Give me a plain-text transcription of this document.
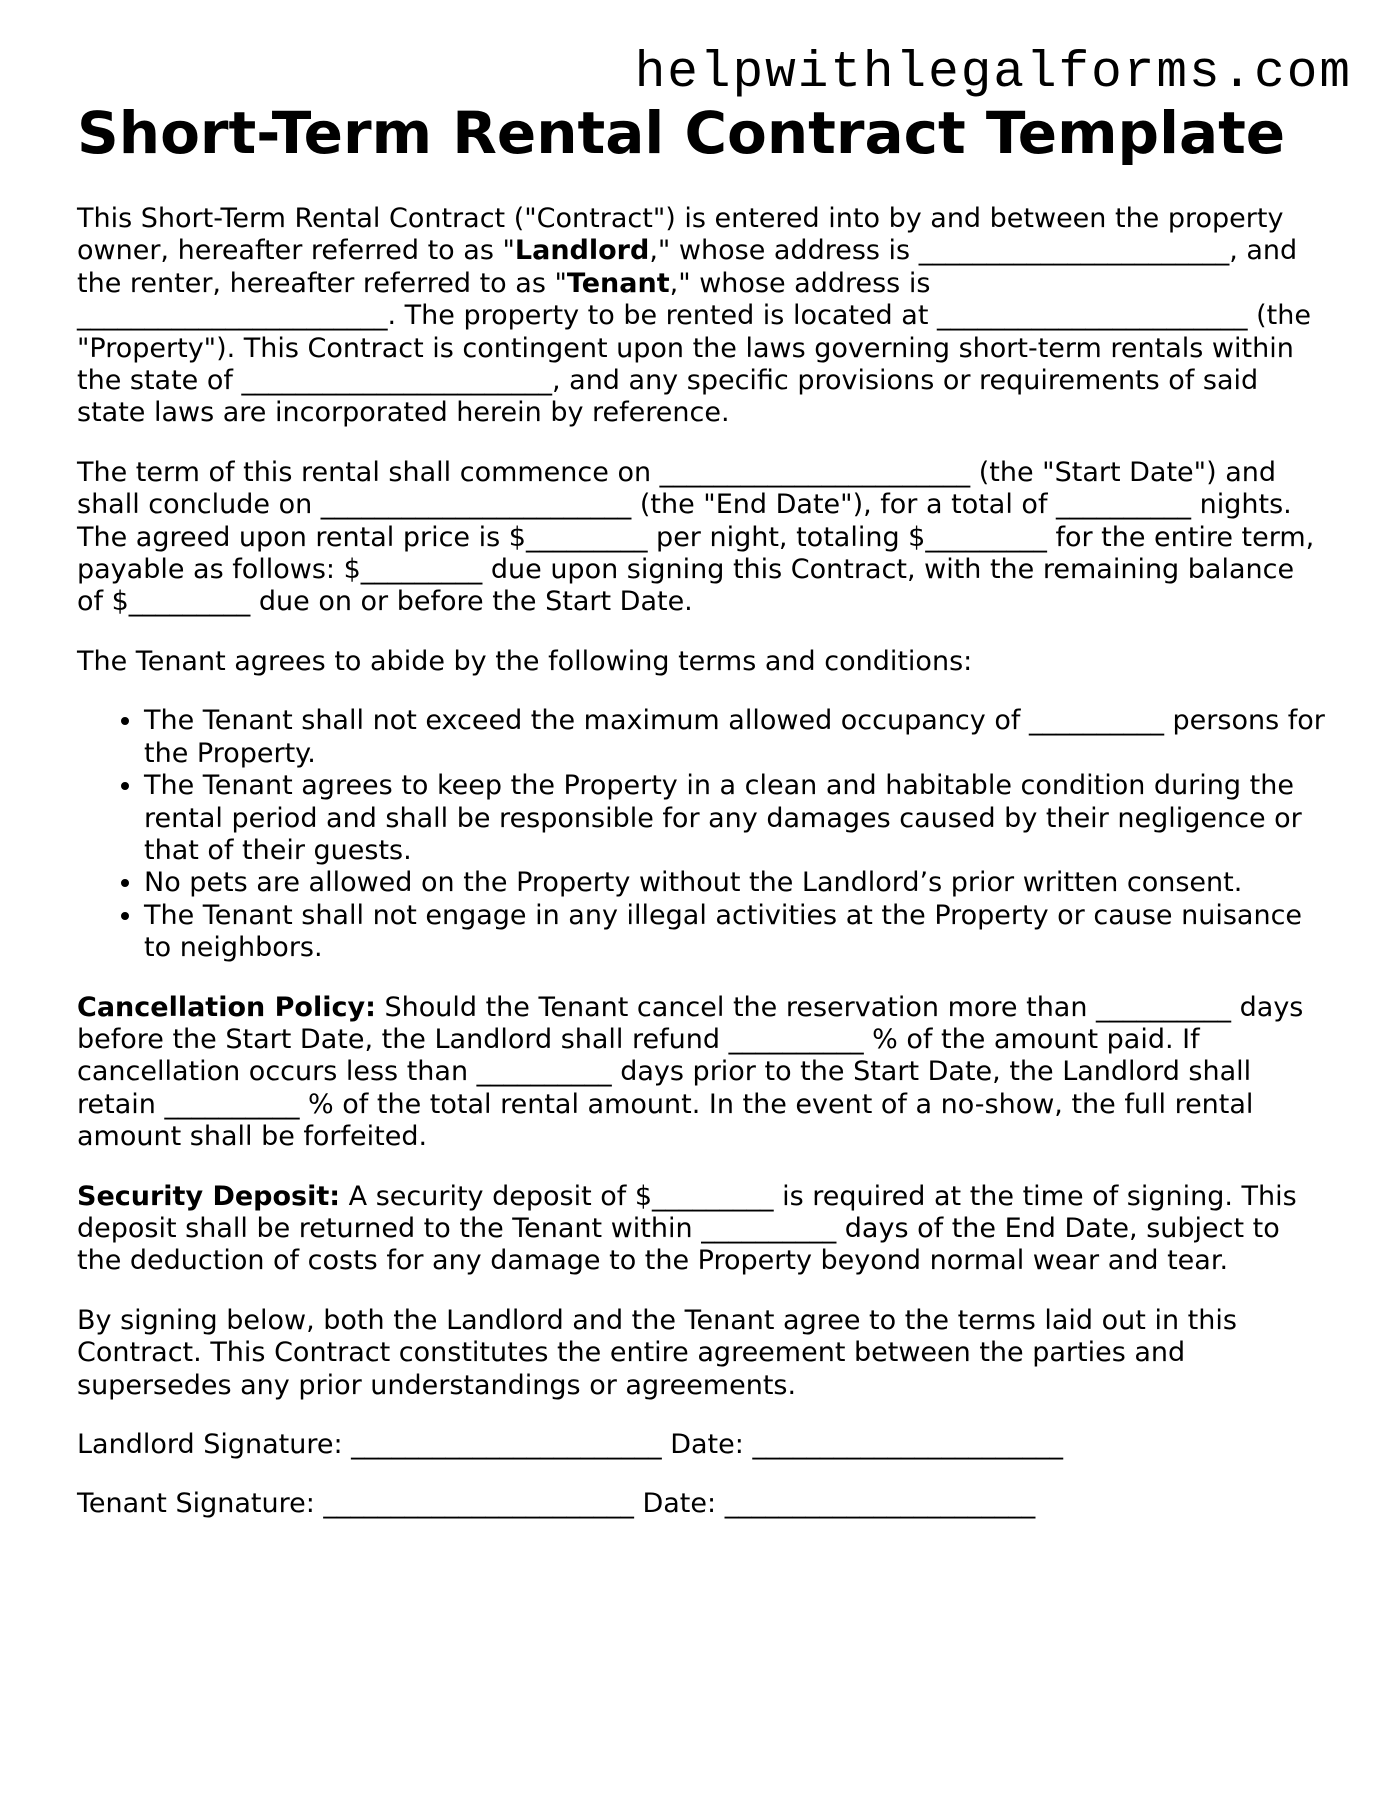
helpwithlegalforms.com
Short-Term Rental Contract Template

This Short-Term Rental Contract ("Contract") is entered into by and between the property owner, hereafter referred to as "Landlord," whose address is _______________________, and the renter, hereafter referred to as "Tenant," whose address is
_______________________. The property to be rented is located at _______________________ (the "Property"). This Contract is contingent upon the laws governing short-term rentals within the state of _______________________, and any specific provisions or requirements of said state laws are incorporated herein by reference.

The term of this rental shall commence on _______________________ (the "Start Date") and shall conclude on _______________________ (the "End Date"), for a total of __________ nights. The agreed upon rental price is $_________ per night, totaling $_________ for the entire term, payable as follows: $_________ due upon signing this Contract, with the remaining balance of $_________ due on or before the Start Date.

The Tenant agrees to abide by the following terms and conditions:

• The Tenant shall not exceed the maximum allowed occupancy of __________ persons for the Property.
• The Tenant agrees to keep the Property in a clean and habitable condition during the rental period and shall be responsible for any damages caused by their negligence or that of their guests.
• No pets are allowed on the Property without the Landlord’s prior written consent.
• The Tenant shall not engage in any illegal activities at the Property or cause nuisance to neighbors.

Cancellation Policy: Should the Tenant cancel the reservation more than __________ days before the Start Date, the Landlord shall refund __________ % of the amount paid. If cancellation occurs less than __________ days prior to the Start Date, the Landlord shall retain __________ % of the total rental amount. In the event of a no-show, the full rental amount shall be forfeited.

Security Deposit: A security deposit of $_________ is required at the time of signing. This deposit shall be returned to the Tenant within __________ days of the End Date, subject to the deduction of costs for any damage to the Property beyond normal wear and tear.

By signing below, both the Landlord and the Tenant agree to the terms laid out in this Contract. This Contract constitutes the entire agreement between the parties and supersedes any prior understandings or agreements.

Landlord Signature: _______________________ Date: _______________________
Tenant Signature: _______________________ Date: _______________________
